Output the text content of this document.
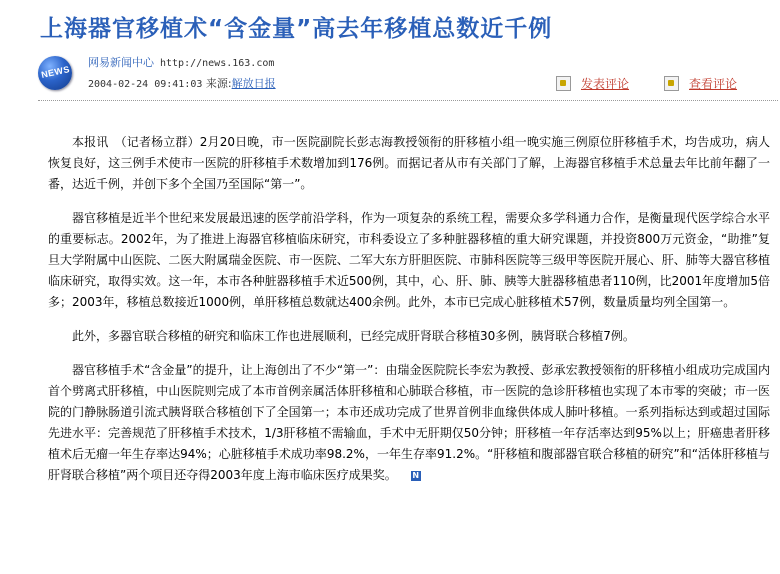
上海器官移植术“含金量”高去年移植总数近千例
NEWS
网易新闻中心 http://news.163.com
2004-02-24 09:41:03 来源:解放日报	发表评论	查看评论

本报讯　（记者杨立群）2月20日晚，市一医院副院长彭志海教授领衔的肝移植小组一晚实施三例原位肝移植手术，均告成功，病人恢复良好，这三例手术使市一医院的肝移植手术数增加到176例。而据记者从市有关部门了解，上海器官移植手术总量去年比前年翻了一番，达近千例，并创下多个全国乃至国际“第一”。

器官移植是近半个世纪来发展最迅速的医学前沿学科，作为一项复杂的系统工程，需要众多学科通力合作，是衡量现代医学综合水平的重要标志。2002年，为了推进上海器官移植临床研究，市科委设立了多种脏器移植的重大研究课题，并投资800万元资金，“助推”复旦大学附属中山医院、二医大附属瑞金医院、市一医院、二军大东方肝胆医院、市肺科医院等三级甲等医院开展心、肝、肺等大器官移植临床研究，取得实效。这一年，本市各种脏器移植手术近500例，其中，心、肝、肺、胰等大脏器移植患者110例，比2001年度增加5倍多；2003年，移植总数接近1000例，单肝移植总数就达400余例。此外，本市已完成心脏移植术57例，数量质量均列全国第一。

此外，多器官联合移植的研究和临床工作也进展顺利，已经完成肝肾联合移植30多例，胰肾联合移植7例。

器官移植手术“含金量”的提升，让上海创出了不少“第一”：由瑞金医院院长李宏为教授、彭承宏教授领衔的肝移植小组成功完成国内首个劈离式肝移植，中山医院则完成了本市首例亲属活体肝移植和心肺联合移植，市一医院的急诊肝移植也实现了本市零的突破；市一医院的门静脉肠道引流式胰肾联合移植创下了全国第一；本市还成功完成了世界首例非血缘供体成人肺叶移植。一系列指标达到或超过国际先进水平：完善规范了肝移植手术技术，1/3肝移植不需输血，手术中无肝期仅50分钟；肝移植一年存活率达到95%以上；肝癌患者肝移植术后无瘤一年生存率达94%；心脏移植手术成功率98.2%，一年生存率91.2%。“肝移植和腹部器官联合移植的研究”和“活体肝移植与肝肾联合移植”两个项目还夺得2003年度上海市临床医疗成果奖。 N
